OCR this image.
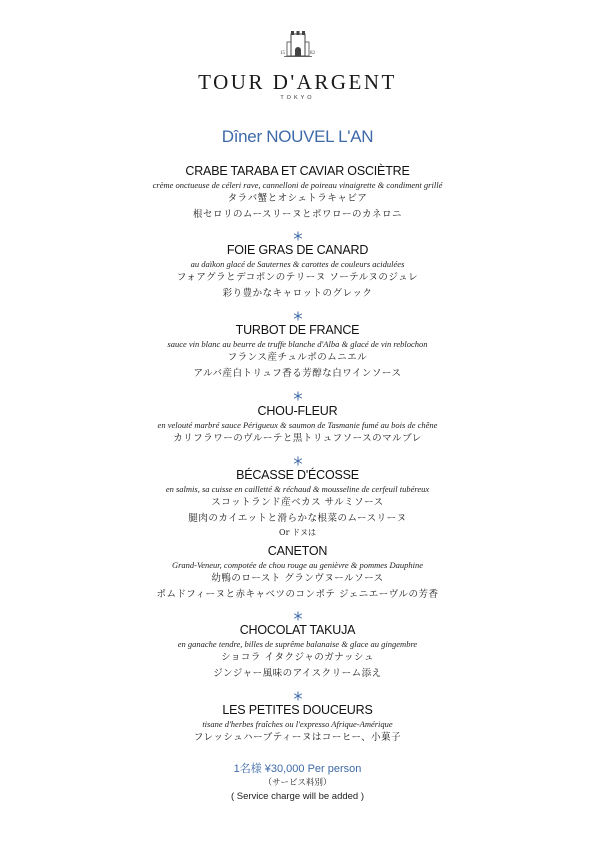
15	82
TOUR D'ARGENT
TOKYO
Dîner NOUVEL L'AN
CRABE TARABA ET CAVIAR OSCIÈTRE
crème onctueuse de céleri rave, cannelloni de poireau vinaigrette & condiment grillé
タラバ蟹とオシェトラキャビア
根セロリのムースリーヌとポワローのカネロニ
FOIE GRAS DE CANARD
au daïkon glacé de Sauternes & carottes de couleurs acidulées
フォアグラとデコポンのテリーヌ ソーテルヌのジュレ
彩り豊かなキャロットのグレック
TURBOT DE FRANCE
sauce vin blanc au beurre de truffe blanche d'Alba & glacé de vin reblochon
フランス産チュルボのムニエル
アルバ産白トリュフ香る芳醇な白ワインソース
CHOU-FLEUR
en velouté marbré sauce Périgueux & saumon de Tasmanie fumé au bois de chêne
カリフラワーのヴルーテと黒トリュフソースのマルブレ
BÉCASSE D'ÉCOSSE
en salmis, sa cuisse en cailletté & réchaud & mousseline de cerfeuil tubéreux
スコットランド産ベカス サルミソース
腿肉のカイエットと滑らかな根菜のムースリーヌ
Or ドヌは
CANETON
Grand-Veneur, compotée de chou rouge au genièvre & pommes Dauphine
幼鴨のロースト グランヴヌールソース
ポムドフィーヌと赤キャベツのコンポテ ジェニエーヴルの芳香
CHOCOLAT TAKUJA
en ganache tendre, billes de suprême balanaise & glace au gingembre
ショコラ イタクジャのガナッシュ
ジンジャー風味のアイスクリーム添え
LES PETITES DOUCEURS
tisane d'herbes fraîches ou l'expresso Afrique-Amérique
フレッシュハーブティーヌはコーヒー、小菓子
1名様 ¥30,000 Per person
（サービス料別）
( Service charge will be added )
